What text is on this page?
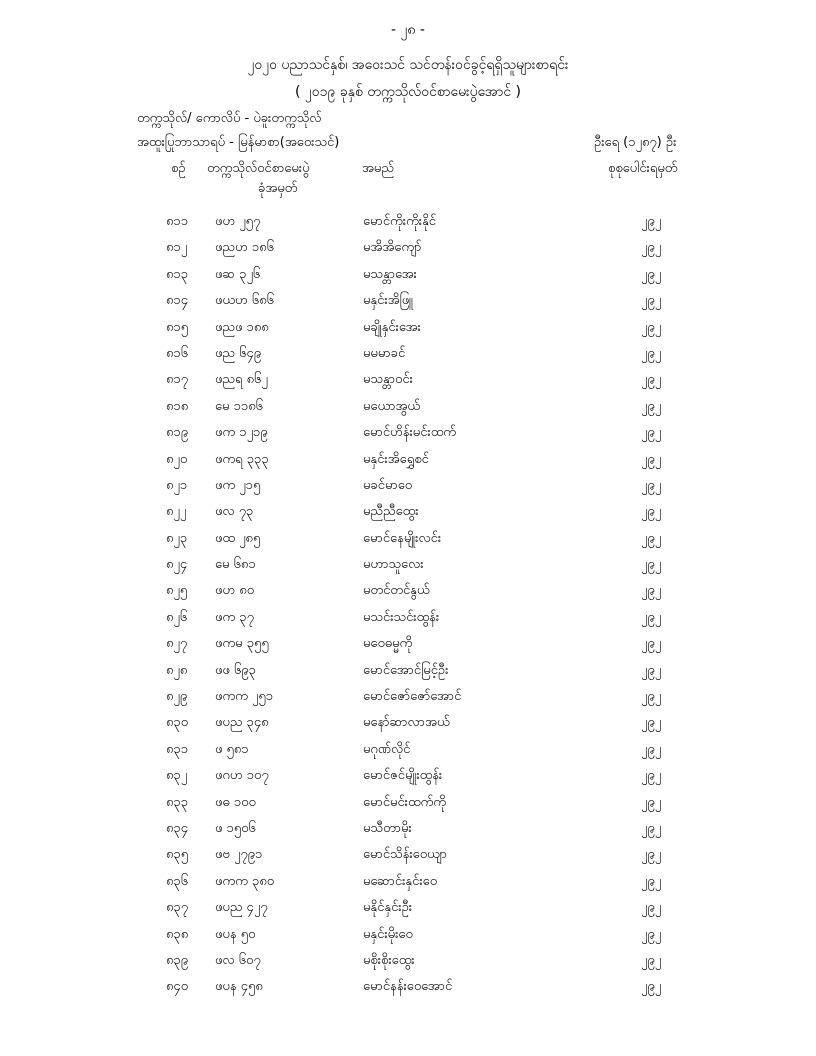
- ၂၈ -
၂၀၂၀ ပညာသင်နှစ်၊ အဝေးသင် သင်တန်းဝင်ခွင့်ရရှိသူများစာရင်း
( ၂၀၁၉ ခုနှစ် တက္ကသိုလ်ဝင်စာမေးပွဲအောင် )
တက္ကသိုလ်/ ကောလိပ် - ပဲခူးတက္ကသိုလ်
အထူးပြုဘာသာရပ် - မြန်မာစာ(အဝေးသင်)	ဦးရေ (၁၂၈၇) ဦး
စဉ် တက္ကသိုလ်ဝင်စာမေးပွဲ
ခုံအမှတ်
အမည်	စုစုပေါင်းရမှတ်
၈၁၁ ဖဟ ၂၅၇	မောင်ကိုးကိုးနိုင်	၂၉၂
၈၁၂ ဖညဟ ၁၈၆	မအိအိကျော်	၂၉၂
၈၁၃ ဖဆ ၃၂၆	မသန္တာအေး	၂၉၂
၈၁၄ ဖယဟ ၆၈၆	မနှင်းအိဖြူ	၂၉၂
၈၁၅ ဖညဖ ၁၈၈	မချိုနှင်းအေး	၂၉၂
၈၁၆ ဖည ၆၄၉	မမမာခင်	၂၉၂
၈၁၇ ဖညရ ၈၆၂	မသန္တာဝင်း	၂၉၂
၈၁၈ မေ ၁၁၈၆	မယောအွယ်	၂၉၂
၈၁၉ ဖက ၁၂၁၉	မောင်ဟိန်းမင်းထက်	၂၉၂
၈၂၀ ဖကရ ၃၃၃	မနှင်းအိရွှေစင်	၂၉၂
၈၂၁ ဖက ၂၁၅	မခင်မာဝေ	၂၉၂
၈၂၂ ဖလ ၇၃	မညီညီထွေး	၂၉၂
၈၂၃ ဖထ ၂၈၅	မောင်နေမျိုးလင်း	၂၉၂
၈၂၄ မေ ၆၈၁	မဟာသူလေး	၂၉၂
၈၂၅ ဖဟ ၈၀	မတင်တင်နွယ်	၂၉၂
၈၂၆ ဖက ၃၇	မသင်းသင်းထွန်း	၂၉၂
၈၂၇ ဖကမ ၃၅၅	မဝေဓမ္မကို	၂၉၂
၈၂၈ ဖဖ ၆၉၃	မောင်အောင်မြင့်ဦး	၂၉၂
၈၂၉ ဖကက ၂၅၁	မောင်ဇော်ဇော်အောင်	၂၉၂
၈၃၀ ဖပည ၃၄၈	မနော်ဆာလာအယ်	၂၉၂
၈၃၁ ဖ ၅၈၁	မဂုဏ်လိုင်	၂၉၂
၈၃၂ ဖဂဟ ၁၀၇	မောင်ဇင်မျိုးထွန်း	၂၉၂
၈၃၃ ဖဓ ၁၀၀	မောင်မင်းထက်ကို	၂၉၂
၈၃၄ ဖ ၁၅၀၆	မသီတာမိုး	၂၉၂
၈၃၅ ဖဗ ၂၇၉၁	မောင်သိန်းဝေယျာ	၂၉၂
၈၃၆ ဖကက ၃၈၀	မဆောင်းနှင်းဝေ	၂၉၂
၈၃၇ ဖပည ၄၂၇	မနိုင်နှင်းဦး	၂၉၂
၈၃၈ ဖပန ၅၀	မနှင်းမိုးဝေ	၂၉၂
၈၃၉ ဖလ ၆၀၇	မစိုးစိုးထွေး	၂၉၂
၈၄၀ ဖပန ၄၅၈	မောင်နန်းဝေအောင်	၂၉၂
